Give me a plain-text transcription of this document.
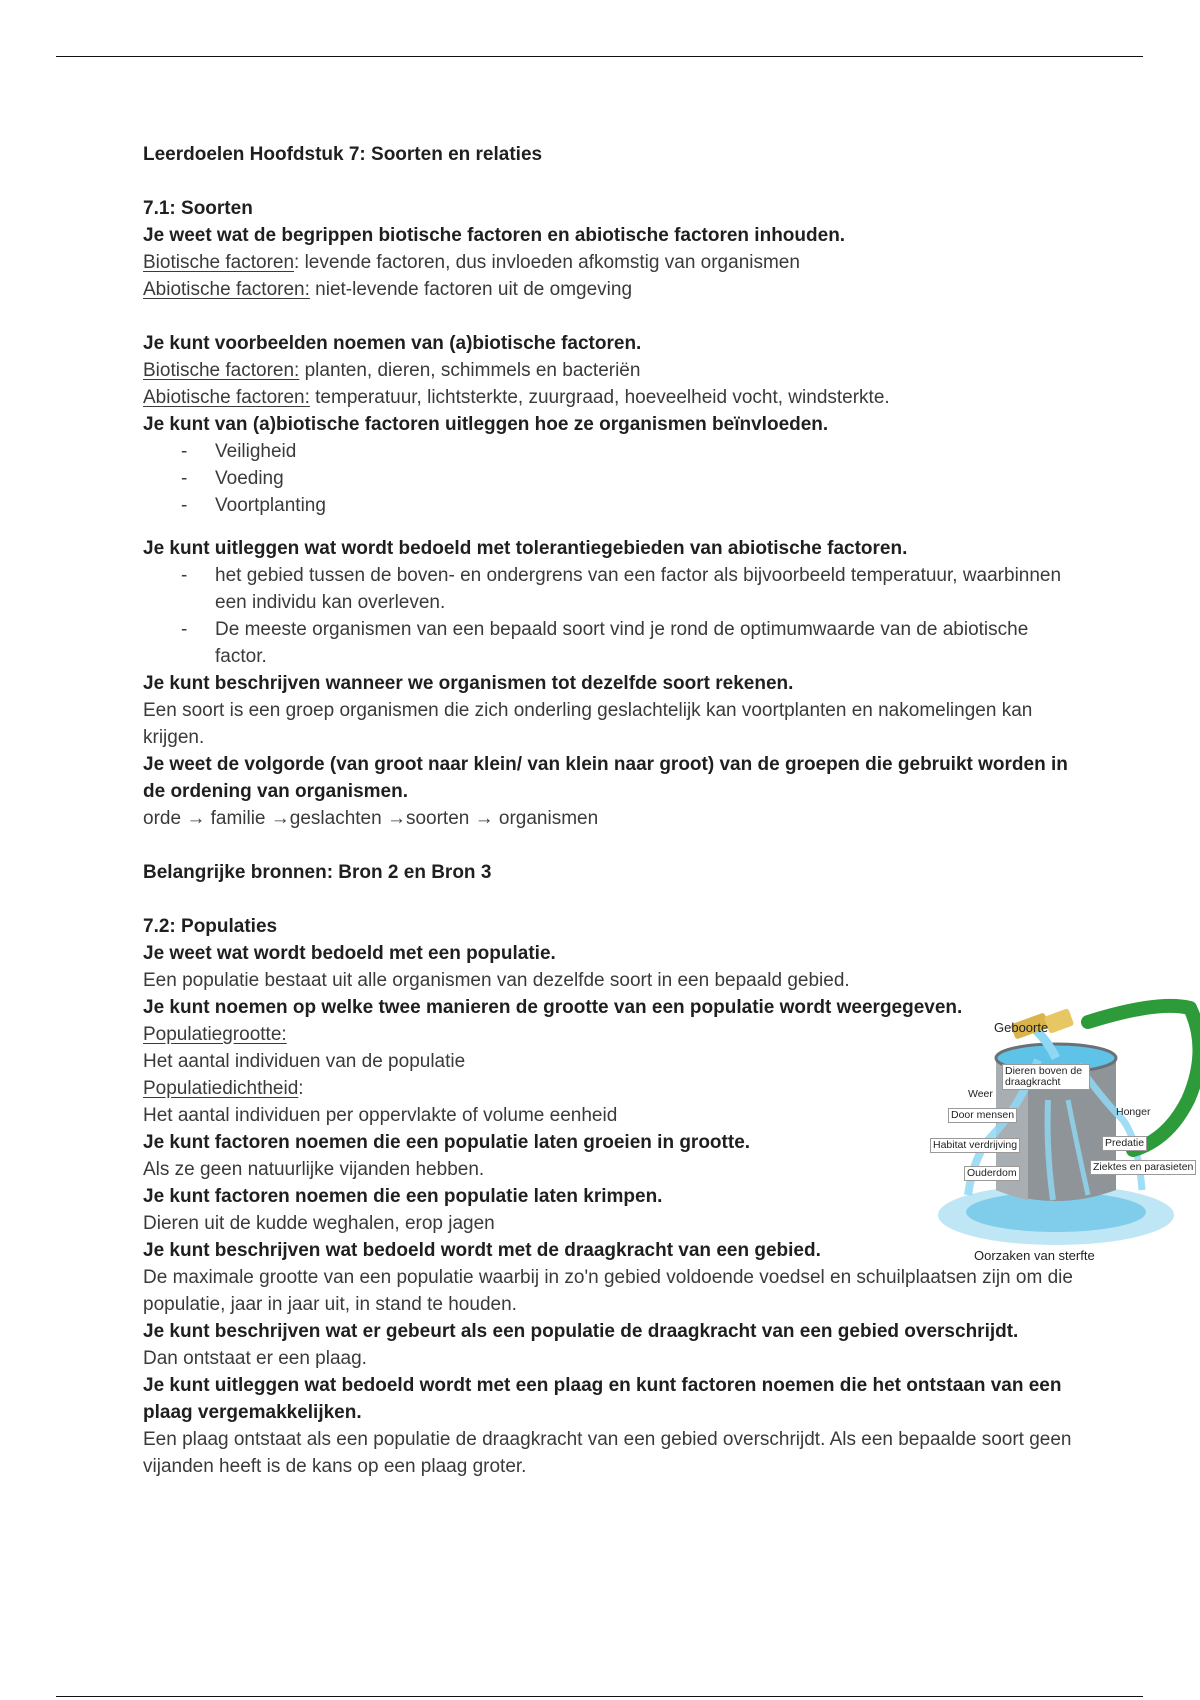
Leerdoelen Hoofdstuk 7: Soorten en relaties

7.1: Soorten

Je weet wat de begrippen biotische factoren en abiotische factoren inhouden.

Biotische factoren: levende factoren, dus invloeden afkomstig van organismen

Abiotische factoren: niet-levende factoren uit de omgeving

Je kunt voorbeelden noemen van (a)biotische factoren.

Biotische factoren: planten, dieren, schimmels en bacteriën

Abiotische factoren: temperatuur, lichtsterkte, zuurgraad, hoeveelheid vocht, windsterkte.

Je kunt van (a)biotische factoren uitleggen hoe ze organismen beïnvloeden.

- Veiligheid
- Voeding
- Voortplanting

Je kunt uitleggen wat wordt bedoeld met tolerantiegebieden van abiotische factoren.

- het gebied tussen de boven- en ondergrens van een factor als bijvoorbeeld temperatuur, waarbinnen een individu kan overleven.
- De meeste organismen van een bepaald soort vind je rond de optimumwaarde van de abiotische factor.

Je kunt beschrijven wanneer we organismen tot dezelfde soort rekenen.

Een soort is een groep organismen die zich onderling geslachtelijk kan voortplanten en nakomelingen kan krijgen.

Je weet de volgorde (van groot naar klein/ van klein naar groot) van de groepen die gebruikt worden in de ordening van organismen.

orde → familie →geslachten →soorten → organismen

Belangrijke bronnen: Bron 2 en Bron 3

7.2: Populaties

Je weet wat wordt bedoeld met een populatie.

Een populatie bestaat uit alle organismen van dezelfde soort in een bepaald gebied.

Je kunt noemen op welke twee manieren de grootte van een populatie wordt weergegeven.

Populatiegrootte:

Het aantal individuen van de populatie

Populatiedichtheid:

Het aantal individuen per oppervlakte of volume eenheid

Je kunt factoren noemen die een populatie laten groeien in grootte.

Als ze geen natuurlijke vijanden hebben.

Je kunt factoren noemen die een populatie laten krimpen.

Dieren uit de kudde weghalen, erop jagen

Je kunt beschrijven wat bedoeld wordt met de draagkracht van een gebied.

De maximale grootte van een populatie waarbij in zo'n gebied voldoende voedsel en schuilplaatsen zijn om die populatie, jaar in jaar uit, in stand te houden.

Je kunt beschrijven wat er gebeurt als een populatie de draagkracht van een gebied overschrijdt.

Dan ontstaat er een plaag.

Je kunt uitleggen wat bedoeld wordt met een plaag en kunt factoren noemen die het ontstaan van een plaag vergemakkelijken.

Een plaag ontstaat als een populatie de draagkracht van een gebied overschrijdt. Als een bepaalde soort geen vijanden heeft is de kans op een plaag groter.

Geboorte
Dieren boven de draagkracht
Weer
Door mensen
Habitat verdrijving
Ouderdom
Honger
Predatie
Ziektes en parasieten
Oorzaken van sterfte
